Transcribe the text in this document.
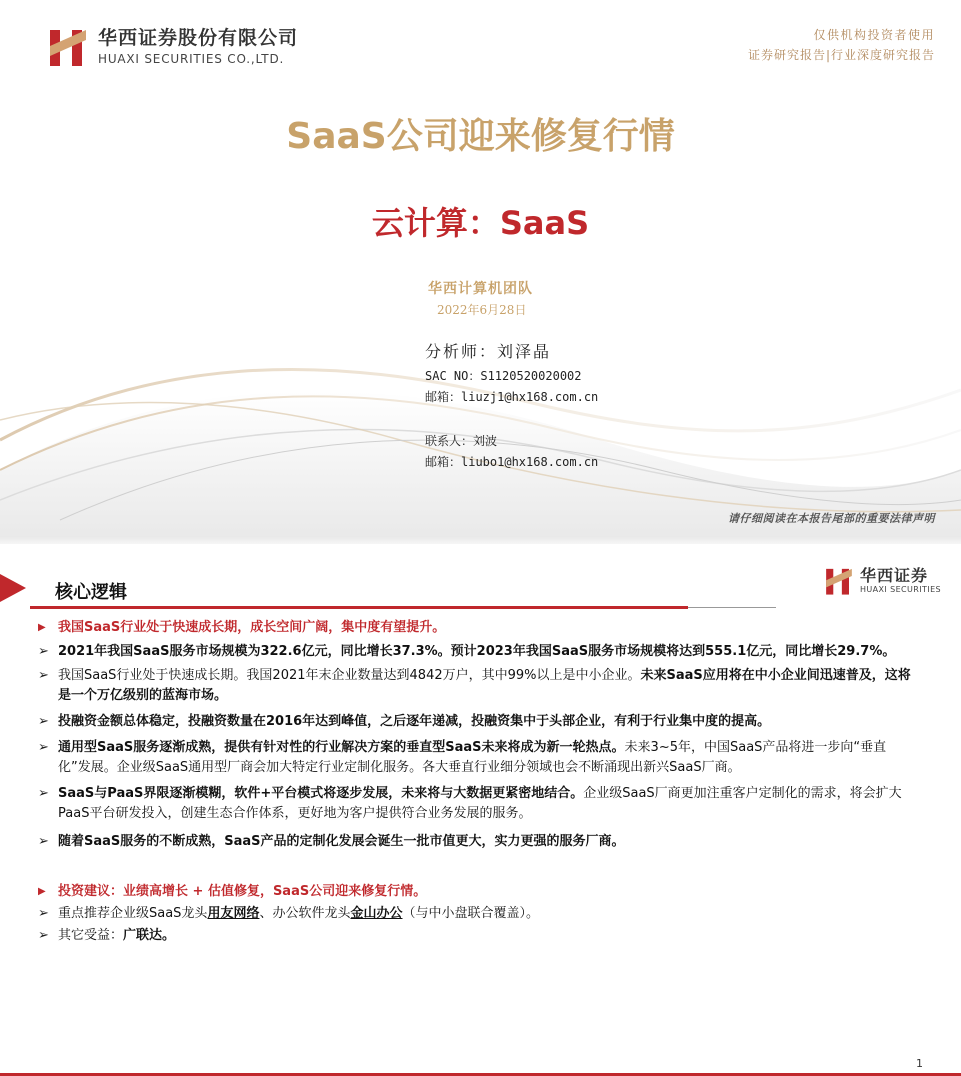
华西证券股份有限公司
HUAXI SECURITIES CO.,LTD.
仅供机构投资者使用
证券研究报告|行业深度研究报告
SaaS公司迎来修复行情
云计算：SaaS
华西计算机团队
2022年6月28日
分析师：刘泽晶
SAC NO：S1120520020002
邮箱：liuzj1@hx168.com.cn
联系人：刘波
邮箱：liubo1@hx168.com.cn
请仔细阅读在本报告尾部的重要法律声明
核心逻辑
华西证券
HUAXI SECURITIES
▶ 我国SaaS行业处于快速成长期，成长空间广阔，集中度有望提升。
➢ 2021年我国SaaS服务市场规模为322.6亿元，同比增长37.3%。预计2023年我国SaaS服务市场规模将达到555.1亿元，同比增长29.7%。
➢ 我国SaaS行业处于快速成长期。我国2021年末企业数量达到4842万户，其中99%以上是中小企业。未来SaaS应用将在中小企业间迅速普及，这将是一个万亿级别的蓝海市场。
➢ 投融资金额总体稳定，投融资数量在2016年达到峰值，之后逐年递减，投融资集中于头部企业，有利于行业集中度的提高。
➢ 通用型SaaS服务逐渐成熟，提供有针对性的行业解决方案的垂直型SaaS未来将成为新一轮热点。未来3~5年，中国SaaS产品将进一步向“垂直化”发展。企业级SaaS通用型厂商会加大特定行业定制化服务。各大垂直行业细分领域也会不断涌现出新兴SaaS厂商。
➢ SaaS与PaaS界限逐渐模糊，软件+平台模式将逐步发展，未来将与大数据更紧密地结合。企业级SaaS厂商更加注重客户定制化的需求，将会扩大PaaS平台研发投入，创建生态合作体系，更好地为客户提供符合业务发展的服务。
➢ 随着SaaS服务的不断成熟，SaaS产品的定制化发展会诞生一批市值更大，实力更强的服务厂商。
▶ 投资建议：业绩高增长 + 估值修复，SaaS公司迎来修复行情。
➢ 重点推荐企业级SaaS龙头用友网络、办公软件龙头金山办公（与中小盘联合覆盖）。
➢ 其它受益：广联达。
1
